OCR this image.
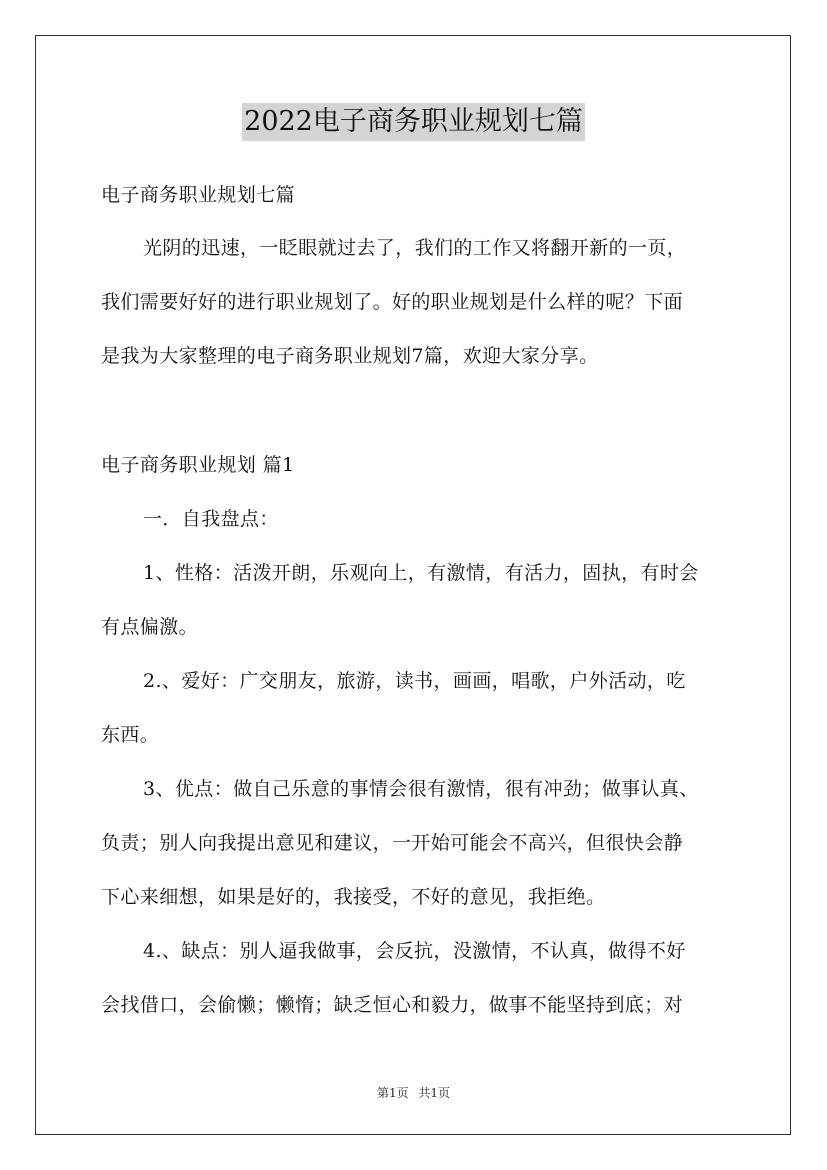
2022电子商务职业规划七篇
电子商务职业规划七篇
光阴的迅速，一眨眼就过去了，我们的工作又将翻开新的一页，
我们需要好好的进行职业规划了。好的职业规划是什么样的呢？下面
是我为大家整理的电子商务职业规划7篇，欢迎大家分享。
电子商务职业规划 篇1
一．自我盘点：
1、性格：活泼开朗，乐观向上，有激情，有活力，固执，有时会
有点偏激。
2.、爱好：广交朋友，旅游，读书，画画，唱歌，户外活动，吃
东西。
3、优点：做自己乐意的事情会很有激情，很有冲劲；做事认真、
负责；别人向我提出意见和建议，一开始可能会不高兴，但很快会静
下心来细想，如果是好的，我接受，不好的意见，我拒绝。
4.、缺点：别人逼我做事，会反抗，没激情，不认真，做得不好
会找借口，会偷懒；懒惰；缺乏恒心和毅力，做事不能坚持到底；对
第1页 共1页
